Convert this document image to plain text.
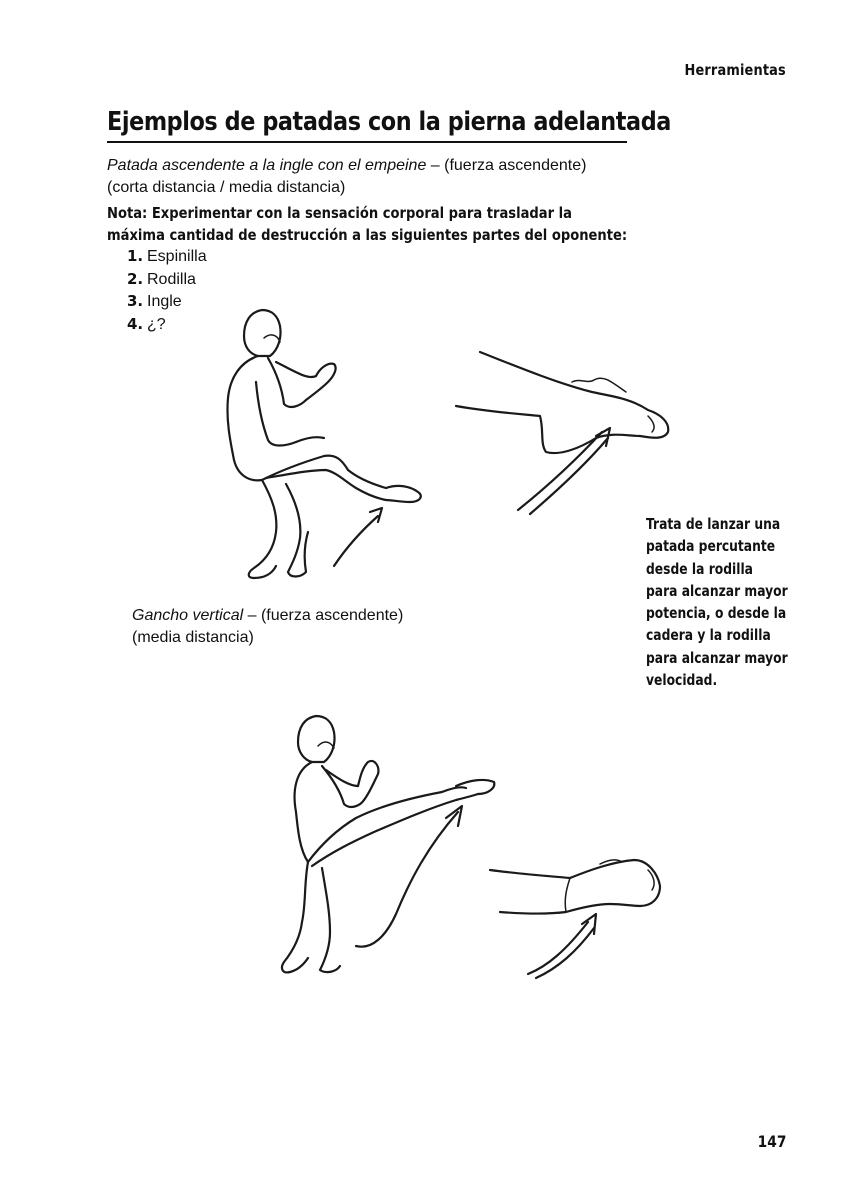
Herramientas
Ejemplos de patadas con la pierna adelantada
Patada ascendente a la ingle con el empeine – (fuerza ascendente)
(corta distancia / media distancia)
Nota: Experimentar con la sensación corporal para trasladar la máxima cantidad de destrucción a las siguientes partes del oponente:
1. Espinilla
2. Rodilla
3. Ingle
4. ¿?
Trata de lanzar una
patada percutante
desde la rodilla
para alcanzar mayor
potencia, o desde la
cadera y la rodilla
para alcanzar mayor
velocidad.
Gancho vertical – (fuerza ascendente)
(media distancia)
147
